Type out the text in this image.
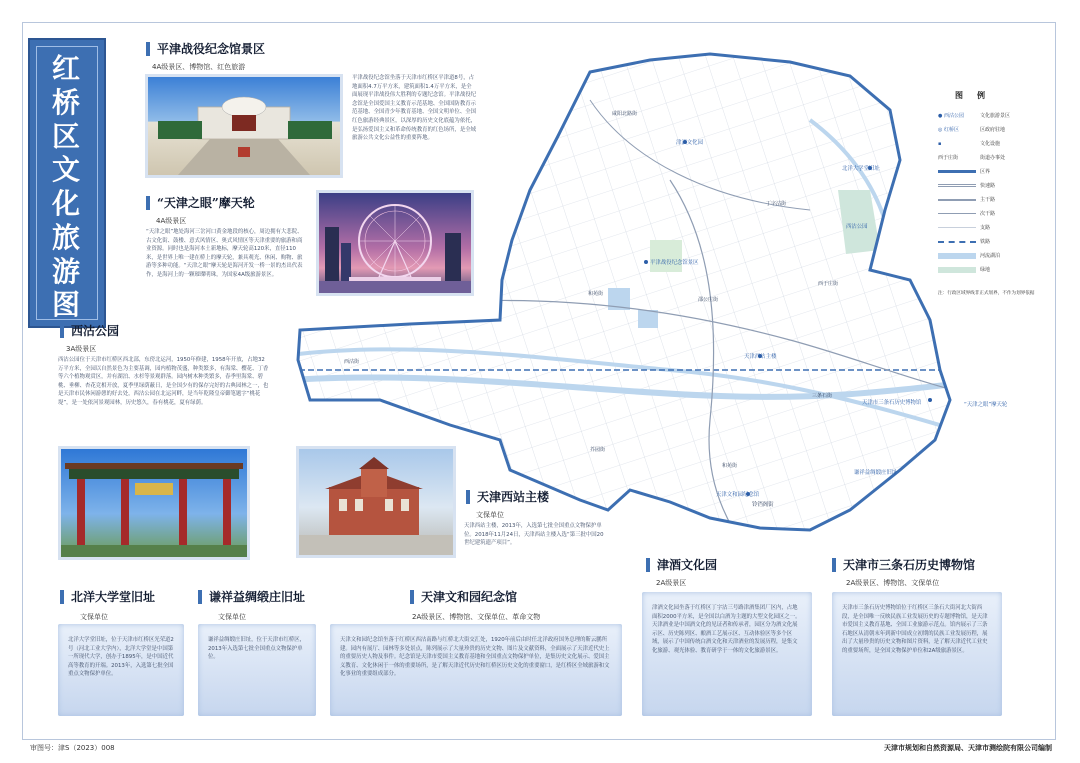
红
桥
区
文
化
旅
游
图
平津战役纪念馆景区
4A级景区、博物馆、红色旅游
平津战役纪念馆坐落于天津市红桥区平津道8号，占地面积4.7万平方米，建筑面积1.4万平方米，是全面展现平津战役伟大胜利的专题纪念馆。平津战役纪念馆是全国爱国主义教育示范基地、全国国防教育示范基地、全国青少年教育基地、全国文明单位、全国红色旅游经典景区，以深厚的历史文化底蕴为依托，是弘扬爱国主义和革命传统教育的红色场所，是全域旅游公共文化公益性的重要阵地。
“天津之眼”摩天轮
4A级景区
“天津之眼”地处海河三岔河口黄金地段的核心，周边拥有大悲院、古文化街、鼓楼、意式风情区、奥式风情区等天津重要的旅游和商业资源。同时也是海河本土新地标，摩天轮高120米，直径110米，是世界上唯一建在桥上的摩天轮，兼具观光、休闲、购物、旅游等多种功能。“天津之眼”摩天轮是海河开发一桥一景的杰出代表作，是海河上的一颗璀璨明珠，为国家4A级旅游景区。
西沽公园
3A级景区
西沽公园位于天津市红桥区西北部，东傍北运河，1950年修建，1958年开放，占地32万平方米，全园以自然景色为主要基调，园内植物茂盛，种类繁多，有海棠、樱花、丁香等六个植物观赏区，并有湖泊、水杉等景观群落。园内树木种类繁多，春季里海棠、碧桃、垂柳、杏花竞相开放，夏季里绿荫蔽日，是全国少有的保存完好的古典园林之一，也是天津市民休闲游憩的好去处，西沽公园在北运河畔，是当年乾隆皇帝御笔题字“桃花堤”，是一处依河景观园林，历史悠久，春有桃花，夏有绿荫。
天津西站主楼
文保单位
天津西站主楼，2013年，入选第七批全国重点文物保护单位。2018年11月24日，天津西站主楼入选“第三批中国20世纪建筑遗产项目”。
北洋大学堂旧址
文保单位
北洋大学堂旧址，位于天津市红桥区光荣道2号（河北工业大学内），北洋大学堂是中国第一所现代大学，创办于1895年，是中国近代高等教育的开端。2013年，入选第七批全国重点文物保护单位。
谦祥益绸缎庄旧址
文保单位
谦祥益绸缎庄旧址，位于天津市红桥区，2013年入选第七批全国重点文物保护单位。
天津文和园纪念馆
2A级景区、博物馆、文保单位、革命文物
天津文和园纪念馆坐落于红桥区西沽南路与红桥北大街交汇处，1920年前后由时任北洋政府国务总理的靳云鹏所建。园内有展厅、园林等多处景点，陈列展示了大量珍贵的历史文物、图片及文献资料，全面展示了天津近代史上的重要历史人物及事件。纪念馆是天津市爱国主义教育基地和全国重点文物保护单位，是集历史文化展示、爱国主义教育、文化休闲于一体的重要场所，是了解天津近代历史和红桥区历史文化的重要窗口，是红桥区全域旅游和文化事业的重要组成部分。
津酒文化园
2A级景区
津酒文化园坐落于红桥区丁字沽三号路津酒集团厂区内，占地面积2000平方米，是全国以白酒为主题的大型文化园区之一。天津酒业是中国酒文化的见证者和传承者，园区分为酒文化展示区、历史陈列区、酿酒工艺展示区、互动体验区等多个区域，展示了中国传统白酒文化和天津酒业的发展历程，是集文化旅游、观光体验、教育研学于一体的文化旅游景区。
天津市三条石历史博物馆
2A级景区、博物馆、文保单位
天津市三条石历史博物馆位于红桥区三条石大街河北大街西段，是全国唯一反映民族工业发展历史的专题博物馆，是天津市爱国主义教育基地、全国工业旅游示范点。馆内展示了三条石地区从清朝末年到新中国成立初期的民族工业发展历程，展出了大量珍贵的历史文物和图片资料，是了解天津近代工业史的重要场所，是全国文物保护单位和2A级旅游景区。
津酒文化园
北洋大学堂旧址
西沽公园
平津战役纪念馆景区
天津西站主楼
天津市三条石历史博物馆	“天津之眼”摩天轮
谦祥益绸缎庄旧址
天津文和园纪念馆
铃铛阁街
咸阳北路街
丁字沽街
西于庄街
邵公庄街
和苑街
西沽街
三条石街
芥园街
和苑街
图例
● 西沽公园	文化旅游景区
◎ 红桥区	区政府驻地
▪	文化设施
西于庄街	街道办事处
区界
快速路
主干路
次干路
支路
铁路
河流湖泊
绿地
注：行政区域界线非正式划界，不作为划界依据
审图号：津S（2023）008	天津市规划和自然资源局、天津市测绘院有限公司编制
